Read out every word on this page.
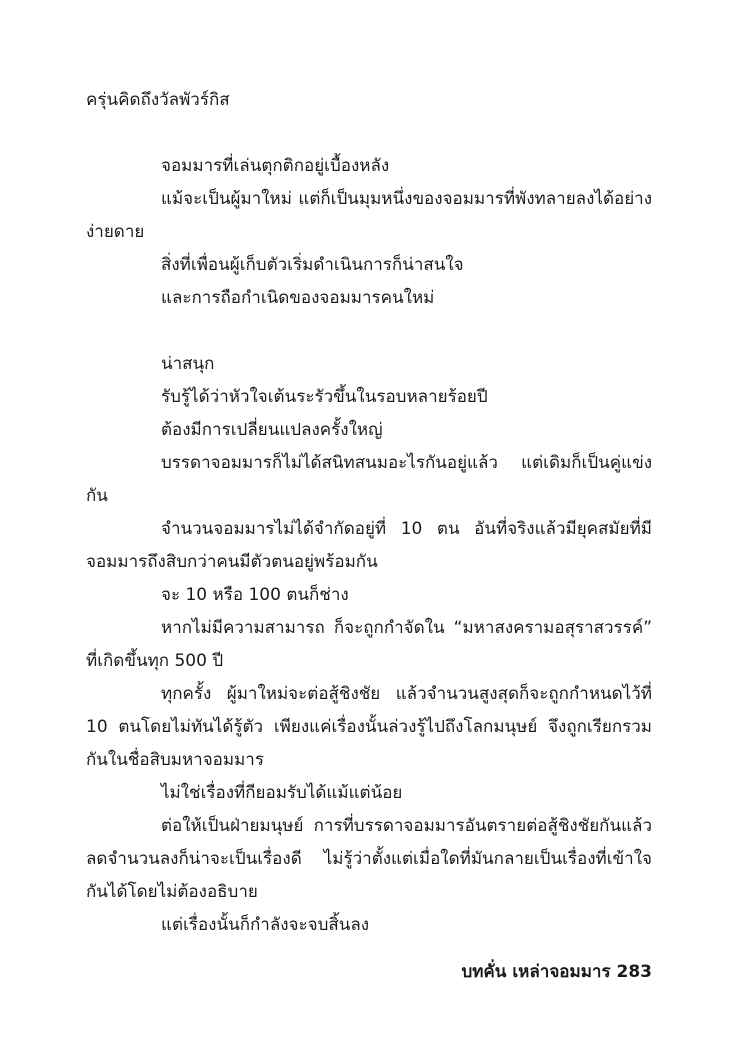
ครุ่นคิดถึงวัลพัวร์กิส

จอมมารที่เล่นตุกติกอยู่เบื้องหลัง

แม้จะเป็นผู้มาใหม่ แต่ก็เป็นมุมหนึ่งของจอมมารที่พังทลายลงได้อย่างง่ายดาย

สิ่งที่เพื่อนผู้เก็บตัวเริ่มดำเนินการก็น่าสนใจ

และการถือกำเนิดของจอมมารคนใหม่

น่าสนุก

รับรู้ได้ว่าหัวใจเต้นระรัวขึ้นในรอบหลายร้อยปี

ต้องมีการเปลี่ยนแปลงครั้งใหญ่

บรรดาจอมมารก็ไม่ได้สนิทสนมอะไรกันอยู่แล้ว แต่เดิมก็เป็นคู่แข่งกัน

จำนวนจอมมารไม่ได้จำกัดอยู่ที่ 10 ตน อันที่จริงแล้วมียุคสมัยที่มีจอมมารถึงสิบกว่าคนมีตัวตนอยู่พร้อมกัน

จะ 10 หรือ 100 ตนก็ช่าง

หากไม่มีความสามารถ ก็จะถูกกำจัดใน “มหาสงครามอสุราสวรรค์” ที่เกิดขึ้นทุก 500 ปี

ทุกครั้ง ผู้มาใหม่จะต่อสู้ชิงชัย แล้วจำนวนสูงสุดก็จะถูกกำหนดไว้ที่ 10 ตนโดยไม่ทันได้รู้ตัว เพียงแค่เรื่องนั้นล่วงรู้ไปถึงโลกมนุษย์ จึงถูกเรียกรวมกันในชื่อสิบมหาจอมมาร

ไม่ใช่เรื่องที่กียอมรับได้แม้แต่น้อย

ต่อให้เป็นฝ่ายมนุษย์ การที่บรรดาจอมมารอันตรายต่อสู้ชิงชัยกันแล้วลดจำนวนลงก็น่าจะเป็นเรื่องดี ไม่รู้ว่าตั้งแต่เมื่อใดที่มันกลายเป็นเรื่องที่เข้าใจกันได้โดยไม่ต้องอธิบาย

แต่เรื่องนั้นก็กำลังจะจบสิ้นลง

บทคั่น เหล่าจอมมาร 283
